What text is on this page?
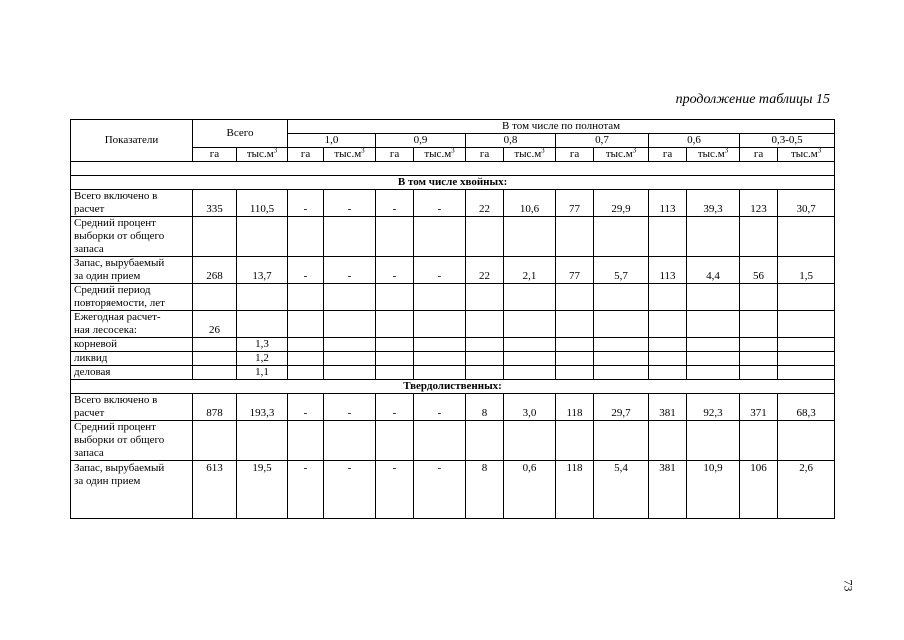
продолжение таблицы 15
Показатели	Всего		В том числе по полнотам											
			1,0		0,9		0,8		0,7		0,6		0,3-0,5	
	га	$тыс.м^3$	га	$тыс.м^3$	га	$тыс.м^3$	га	$тыс.м^3$	га	$тыс.м^3$	га	$тыс.м^3$	га	$тыс.м^3$

В том числе хвойных:														

Всего включено в
расчет	335	110,5	-	-	-	-	22	10,6	77	29,9	113	39,3	123	30,7

Средний процент
выборки от общего
запаса														

Запас, вырубаемый
за один прием	268	13,7	-	-	-	-	22	2,1	77	5,7	113	4,4	56	1,5

Средний период
повторяемости, лет														

Ежегодная расчет-
ная лесосека:	26													

корневой		1,3												

ликвид		1,2												

деловая		1,1												
Твердолиственных:														

Всего включено в
расчет	878	193,3	-	-	-	-	8	3,0	118	29,7	381	92,3	371	68,3

Средний процент
выборки от общего
запаса														

Запас, вырубаемый
за один прием	613	19,5	-	-	-	-	8	0,6	118	5,4	381	10,9	106	2,6
73
